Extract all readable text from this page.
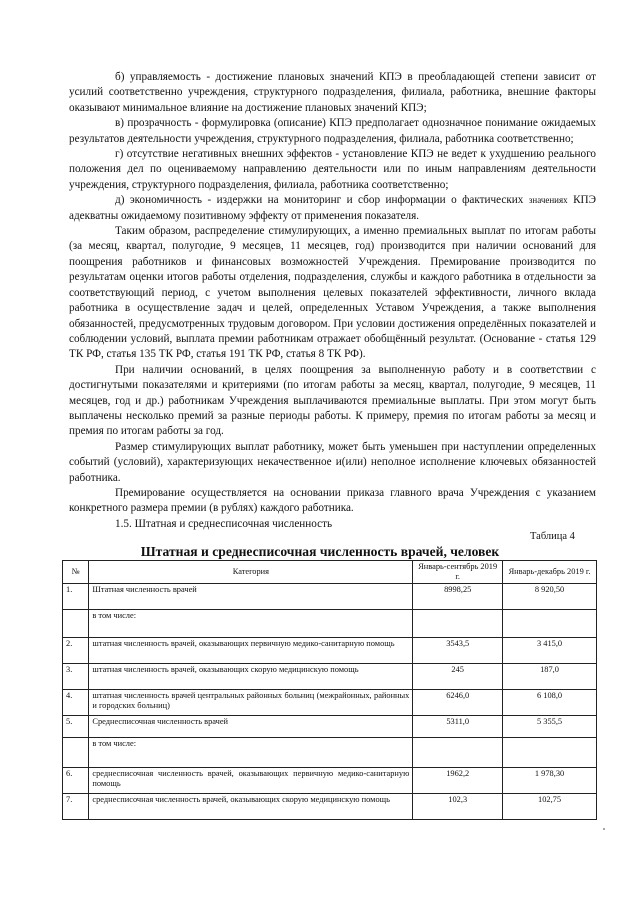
б) управляемость - достижение плановых значений КПЭ в преобладающей степени зависит от усилий соответственно учреждения, структурного подразделения, филиала, работника, внешние факторы оказывают минимальное влияние на достижение плановых значений КПЭ;

в) прозрачность - формулировка (описание) КПЭ предполагает однозначное понимание ожидаемых результатов деятельности учреждения, структурного подразделения, филиала, работника соответственно;

г) отсутствие негативных внешних эффектов - установление КПЭ не ведет к ухудшению реального положения дел по оцениваемому направлению деятельности или по иным направлениям деятельности учреждения, структурного подразделения, филиала, работника соответственно;

д) экономичность - издержки на мониторинг и сбор информации о фактических значениях КПЭ адекватны ожидаемому позитивному эффекту от применения показателя.

Таким образом, распределение стимулирующих, а именно премиальных выплат по итогам работы (за месяц, квартал, полугодие, 9 месяцев, 11 месяцев, год) производится при наличии оснований для поощрения работников и финансовых возможностей Учреждения. Премирование производится по результатам оценки итогов работы отделения, подразделения, службы и каждого работника в отдельности за соответствующий период, с учетом выполнения целевых показателей эффективности, личного вклада работника в осуществление задач и целей, определенных Уставом Учреждения, а также выполнения обязанностей, предусмотренных трудовым договором. При условии достижения определённых показателей и соблюдении условий, выплата премии работникам отражает обобщённый результат. (Основание - статья 129 ТК РФ, статья 135 ТК РФ, статья 191 ТК РФ, статья 8 ТК РФ).

При наличии оснований, в целях поощрения за выполненную работу и в соответствии с достигнутыми показателями и критериями (по итогам работы за месяц, квартал, полугодие, 9 месяцев, 11 месяцев, год и др.) работникам Учреждения выплачиваются премиальные выплаты. При этом могут быть выплачены несколько премий за разные периоды работы. К примеру, премия по итогам работы за месяц и премия по итогам работы за год.

Размер стимулирующих выплат работнику, может быть уменьшен при наступлении определенных событий (условий), характеризующих некачественное и(или) неполное исполнение ключевых обязанностей работника.

Премирование осуществляется на основании приказа главного врача Учреждения с указанием конкретного размера премии (в рублях) каждого работника.

1.5. Штатная и среднесписочная численность

Таблица 4
Штатная и среднесписочная численность врачей, человек
№	Категория	Январь-сентябрь 2019 г.	Январь-декабрь 2019 г.
1.	Штатная численность врачей	8998,25	8 920,50
	в том числе:		
2.	штатная численность врачей, оказывающих первичную медико-санитарную помощь	3543,5	3 415,0
3.	штатная численность врачей, оказывающих скорую медицинскую помощь	245	187,0
4.	штатная численность врачей центральных районных больниц (межрайонных, районных и городских больниц)	6246,0	6 108,0
5.	Среднесписочная численность врачей	5311,0	5 355,5
	в том числе:		
6.	среднесписочная численность врачей, оказывающих первичную медико-санитарную помощь	1962,2	1 978,30
7.	среднесписочная численность врачей, оказывающих скорую медицинскую помощь	102,3	102,75
